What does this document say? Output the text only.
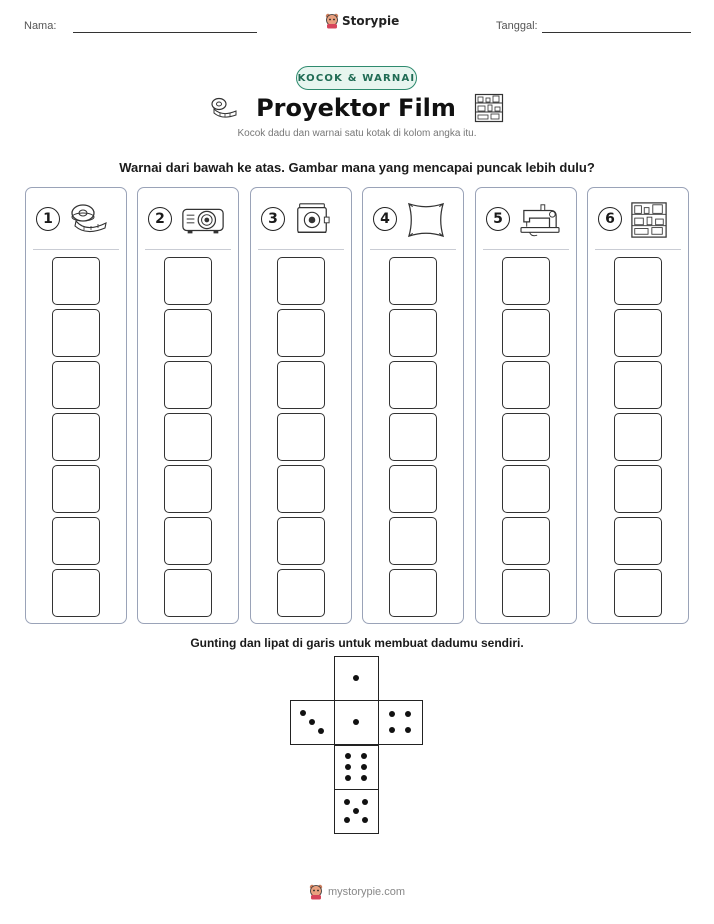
Nama:	Storypie	Tanggal:
KOCOK & WARNAI
Proyektor Film
Kocok dadu dan warnai satu kotak di kolom angka itu.
Warnai dari bawah ke atas. Gambar mana yang mencapai puncak lebih dulu?
1	2	3	4	5	6
Gunting dan lipat di garis untuk membuat dadumu sendiri.
mystorypie.com
